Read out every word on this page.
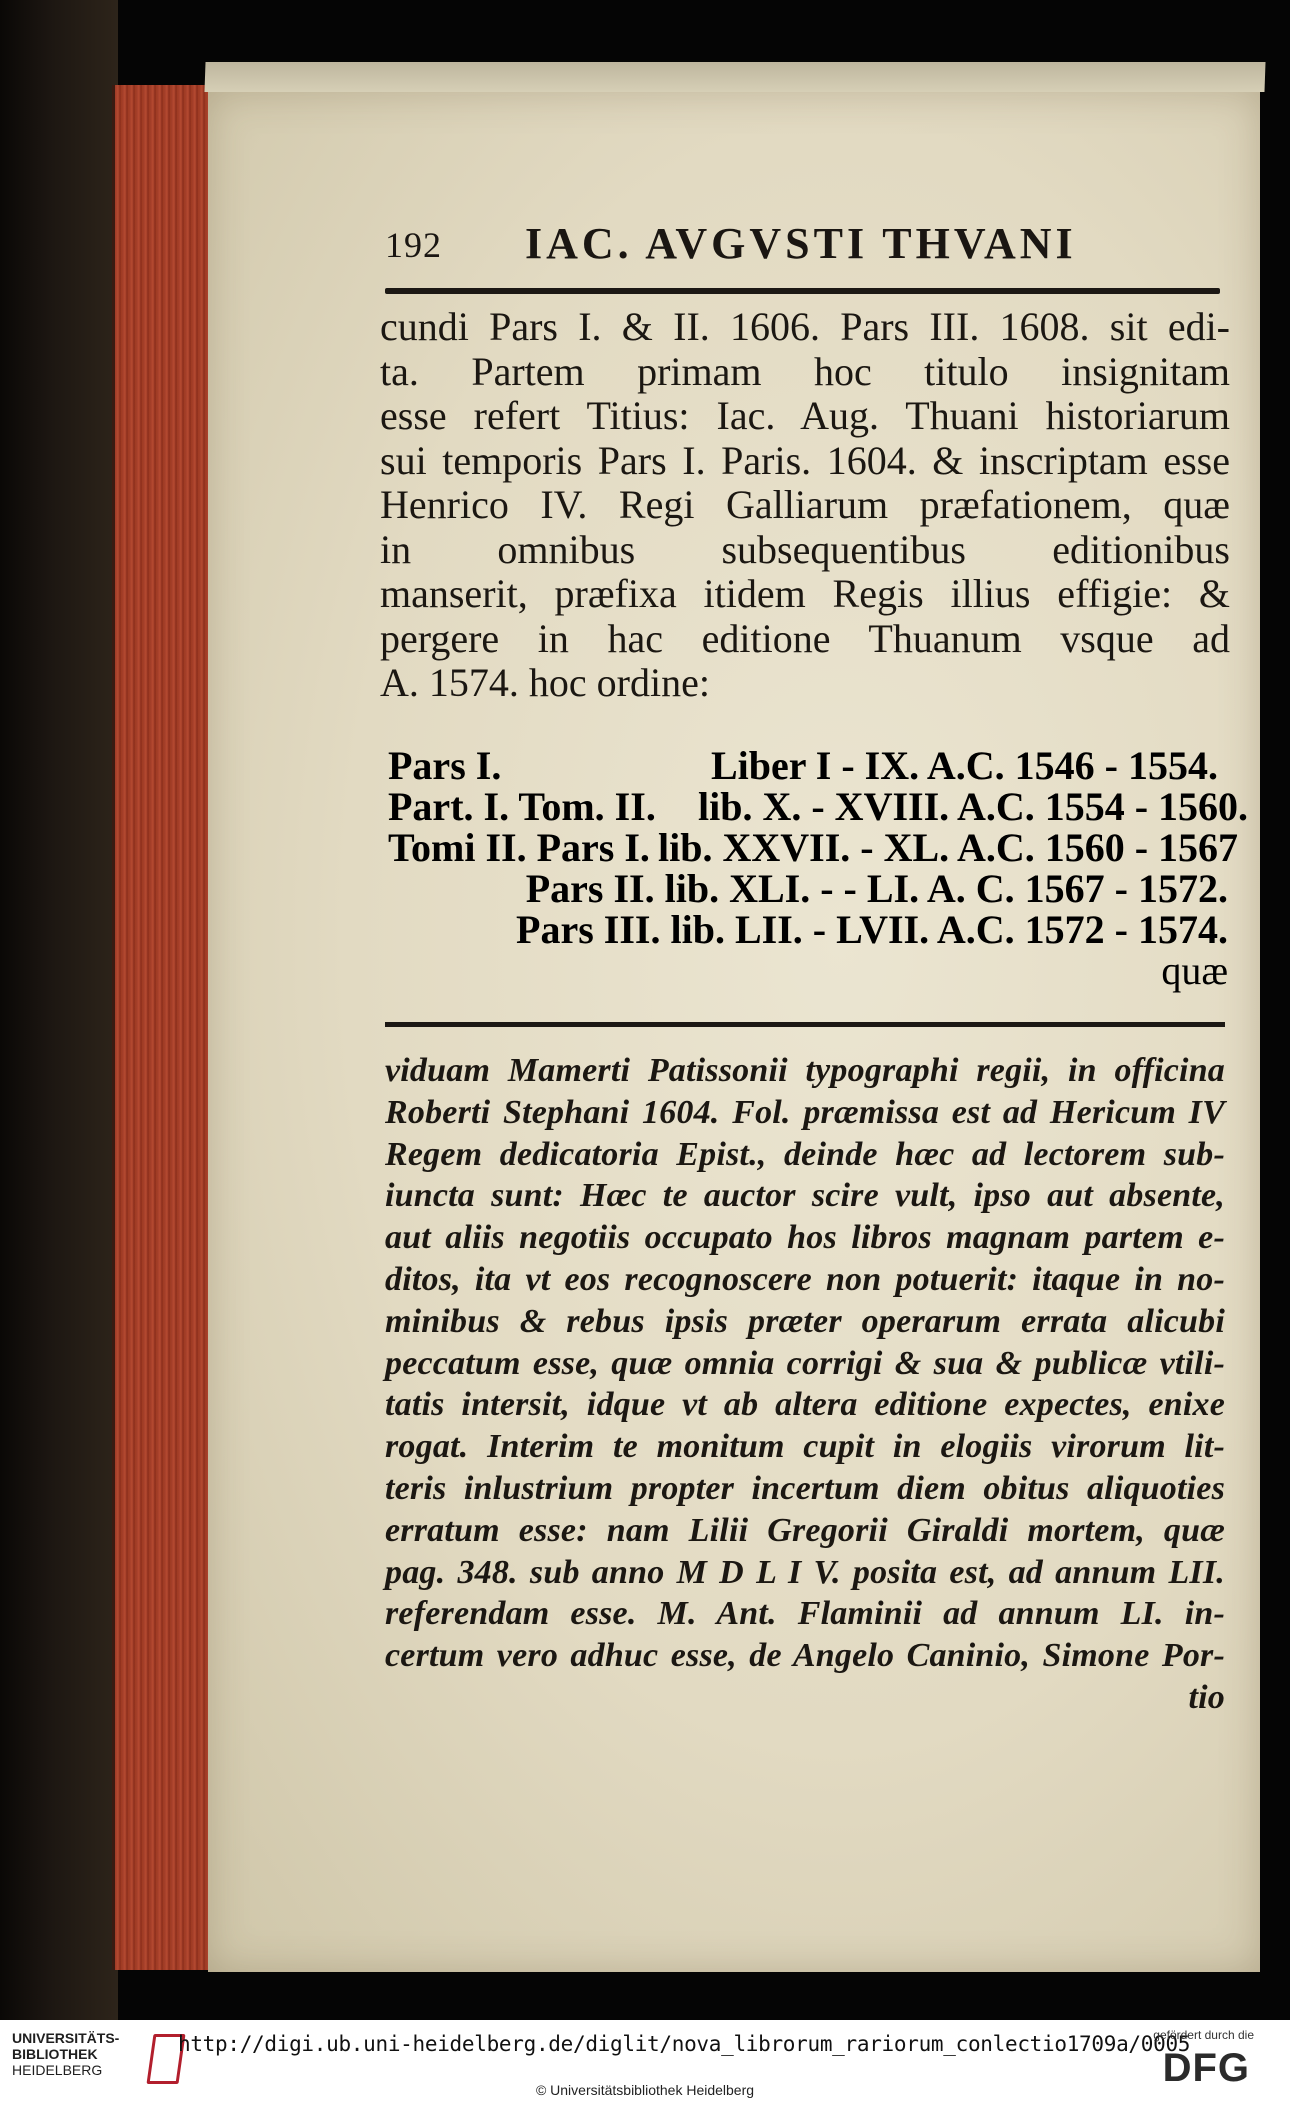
192 IAC. AVGVSTI THVANI
cundi Pars I. & II. 1606. Pars III. 1608. sit edi-
ta. Partem primam hoc titulo insignitam
esse refert Titius: Iac. Aug. Thuani historiarum
sui temporis Pars I. Paris. 1604. & inscriptam esse
Henrico IV. Regi Galliarum præfationem, quæ
in omnibus subsequentibus editionibus
manserit, præfixa itidem Regis illius effigie: &
pergere in hac editione Thuanum vsque ad
A. 1574. hoc ordine:
Pars I.	Liber I - IX. A.C. 1546 - 1554.
Part. I. Tom. II. lib. X. - XVIII. A.C. 1554 - 1560.
Tomi II. Pars I. lib. XXVII. - XL. A.C. 1560 - 1567
Pars II. lib. XLI. - - LI. A. C. 1567 - 1572.
Pars III. lib. LII. - LVII. A.C. 1572 - 1574.
quæ
viduam Mamerti Patissonii typographi regii, in officina
Roberti Stephani 1604. Fol. præmissa est ad Hericum IV
Regem dedicatoria Epist., deinde hæc ad lectorem sub-
iuncta sunt: Hæc te auctor scire vult, ipso aut absente,
aut aliis negotiis occupato hos libros magnam partem e-
ditos, ita vt eos recognoscere non potuerit: itaque in no-
minibus & rebus ipsis præter operarum errata alicubi
peccatum esse, quæ omnia corrigi & sua & publicæ vtili-
tatis intersit, idque vt ab altera editione expectes, enixe
rogat. Interim te monitum cupit in elogiis virorum lit-
teris inlustrium propter incertum diem obitus aliquoties
erratum esse: nam Lilii Gregorii Giraldi mortem, quæ
pag. 348. sub anno M D L I V. posita est, ad annum LII.
referendam esse. M. Ant. Flaminii ad annum LI. in-
certum vero adhuc esse, de Angelo Caninio, Simone Por-
tio
UNIVERSITÄTS-
BIBLIOTHEK
HEIDELBERG
http://digi.ub.uni-heidelberg.de/diglit/nova_librorum_rariorum_conlectio1709a/0005
© Universitätsbibliothek Heidelberg
gefördert durch die
DFG
